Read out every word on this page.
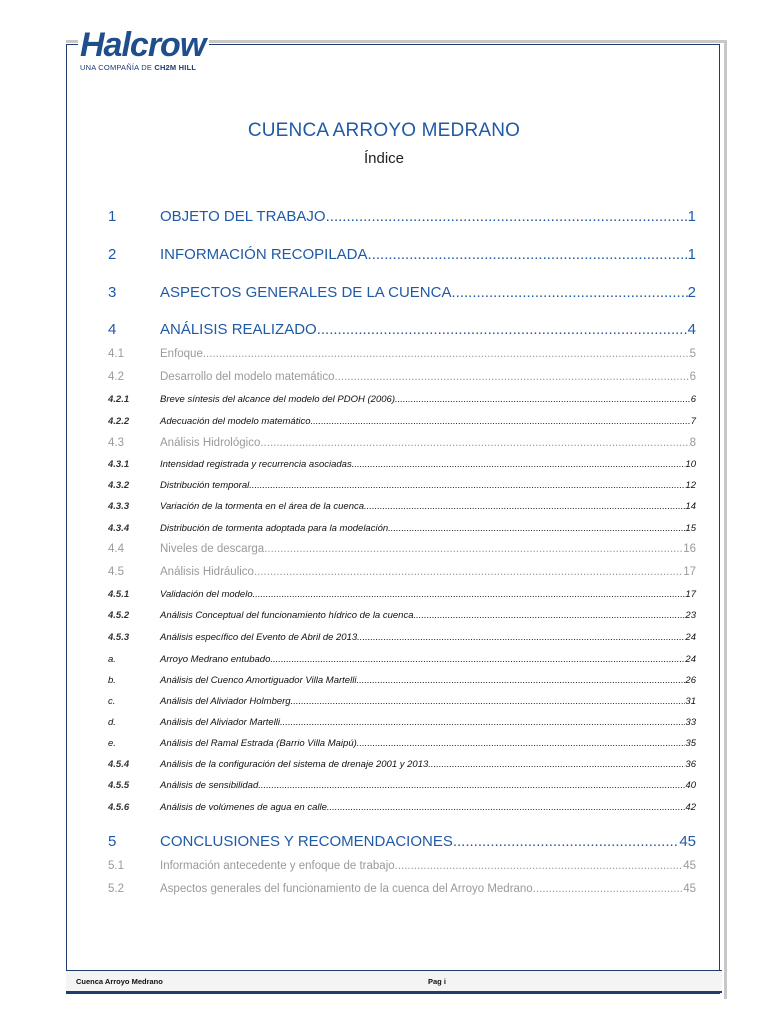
Halcrow
UNA COMPAÑÍA DE CH2M HILL
CUENCA ARROYO MEDRANO
Índice
1	OBJETO DEL TRABAJO .....	1
2	INFORMACIÓN RECOPILADA .....	1
3	ASPECTOS GENERALES DE LA CUENCA .....	2
4	ANÁLISIS REALIZADO .....	4
4.1	Enfoque .....	5
4.2	Desarrollo del modelo matemático .....	6
4.2.1	Breve síntesis del alcance del modelo del PDOH (2006) .....	6
4.2.2	Adecuación del modelo matemático .....	7
4.3	Análisis Hidrológico .....	8
4.3.1	Intensidad registrada y recurrencia asociadas .....	10
4.3.2	Distribución temporal .....	12
4.3.3	Variación de la tormenta en el área de la cuenca .....	14
4.3.4	Distribución de tormenta adoptada para la modelación .....	15
4.4	Niveles de descarga .....	16
4.5	Análisis Hidráulico .....	17
4.5.1	Validación del modelo .....	17
4.5.2	Análisis Conceptual del funcionamiento hídrico de la cuenca .....	23
4.5.3	Análisis específico del Evento de Abril de 2013 .....	24
a.	Arroyo Medrano entubado .....	24
b.	Análisis del Cuenco Amortiguador Villa Martelli .....	26
c.	Análisis del Aliviador Holmberg .....	31
d.	Análisis del Aliviador Martelli .....	33
e.	Análisis del Ramal Estrada (Barrio Villa Maipú) .....	35
4.5.4	Análisis de la configuración del sistema de drenaje 2001 y 2013 .....	36
4.5.5	Análisis de sensibilidad .....	40
4.5.6	Análisis de volúmenes de agua en calle .....	42
5	CONCLUSIONES Y RECOMENDACIONES .....	45
5.1	Información antecedente y enfoque de trabajo .....	45
5.2	Aspectos generales del funcionamiento de la cuenca del Arroyo Medrano .....	45
Cuenca Arroyo Medrano	Pag i
